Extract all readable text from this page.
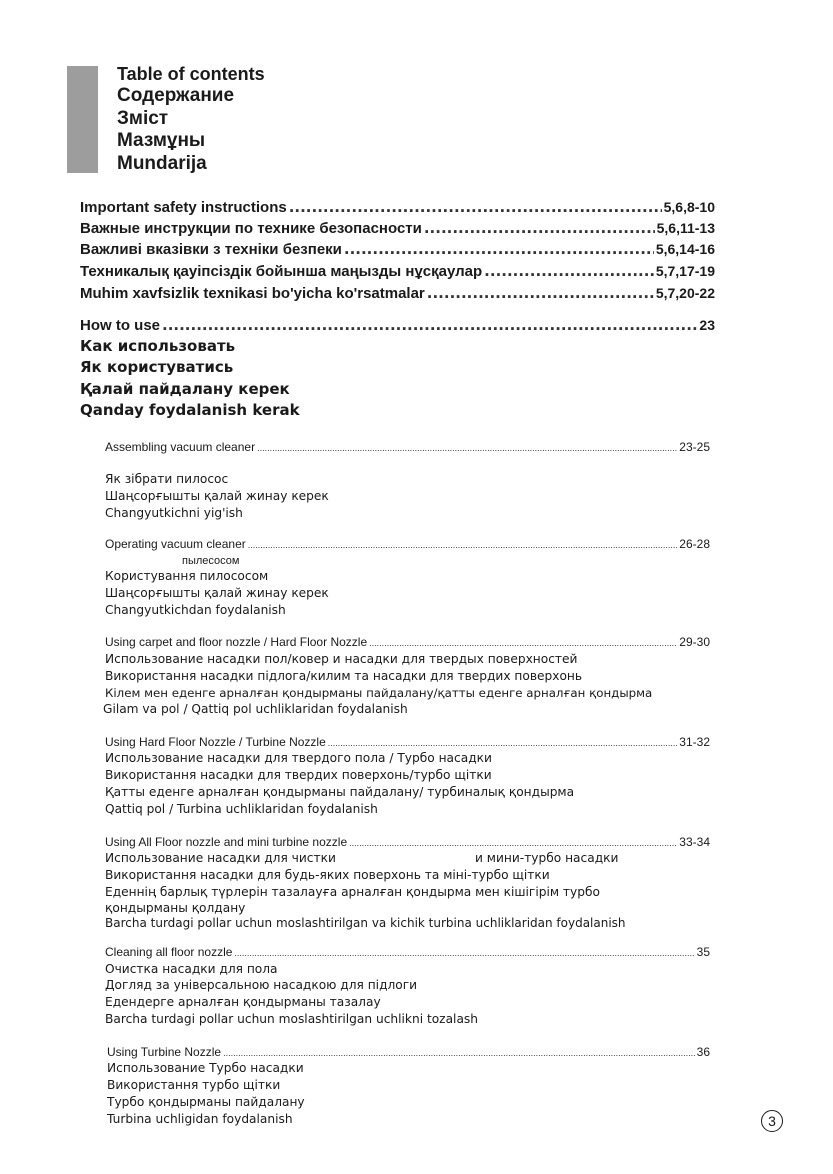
Table of contents
Содержание
Зміст
Мазмұны
Mundarija
Important safety instructions .....	5,6,8-10
Важные инструкции по технике безопасности .....	5,6,11-13
Важливі вказівки з техніки безпеки .....	5,6,14-16
Техникалық қауіпсіздік бойынша маңызды нұсқаулар .....	5,7,17-19
Muhim xavfsizlik texnikasi bo'yicha ko'rsatmalar .....	5,7,20-22
How to use .....	23
Как использовать
Як користуватись
Қалай пайдалану керек
Qanday foydalanish kerak
Assembling vacuum cleaner .....	23-25
Як зібрати пилосос
Шаңсорғышты қалай жинау керек
Changyutkichni yig'ish
Operating vacuum cleaner .....	26-28
пылесосом
Користування пилососом
Шаңсорғышты қалай жинау керек
Changyutkichdan foydalanish
Using carpet and floor nozzle / Hard Floor Nozzle .....	29-30
Использование насадки пол/ковер и насадки для твердых поверхностей
Використання насадки підлога/килим та насадки для твердих поверхонь
Кілем мен еденге арналған қондырманы пайдалану/қатты еденге арналған қондырма
Gilam va pol / Qattiq pol uchliklaridan foydalanish
Using Hard Floor Nozzle / Turbine Nozzle .....	31-32
Использование насадки для твердого пола / Турбо насадки
Використання насадки для твердих поверхонь/турбо щітки
Қатты еденге арналған қондырманы пайдалану/ турбиналық қондырма
Qattiq pol / Turbina uchliklaridan foydalanish
Using All Floor nozzle and mini turbine nozzle .....	33-34
Использование насадки для чистки	и мини-турбо насадки
Використання насадки для будь-яких поверхонь та міні-турбо щітки
Еденнің барлық түрлерін тазалауға арналған қондырма мен кішігірім турбо
қондырманы қолдану
Barcha turdagi pollar uchun moslashtirilgan va kichik turbina uchliklaridan foydalanish
Cleaning all floor nozzle .....	35
Очистка насадки для пола
Догляд за універсальною насадкою для підлоги
Едендерге арналған қондырманы тазалау
Barcha turdagi pollar uchun moslashtirilgan uchlikni tozalash
Using Turbine Nozzle .....	36
Использование Турбо насадки
Використання турбо щітки
Турбо қондырманы пайдалану
Turbina uchligidan foydalanish	3
